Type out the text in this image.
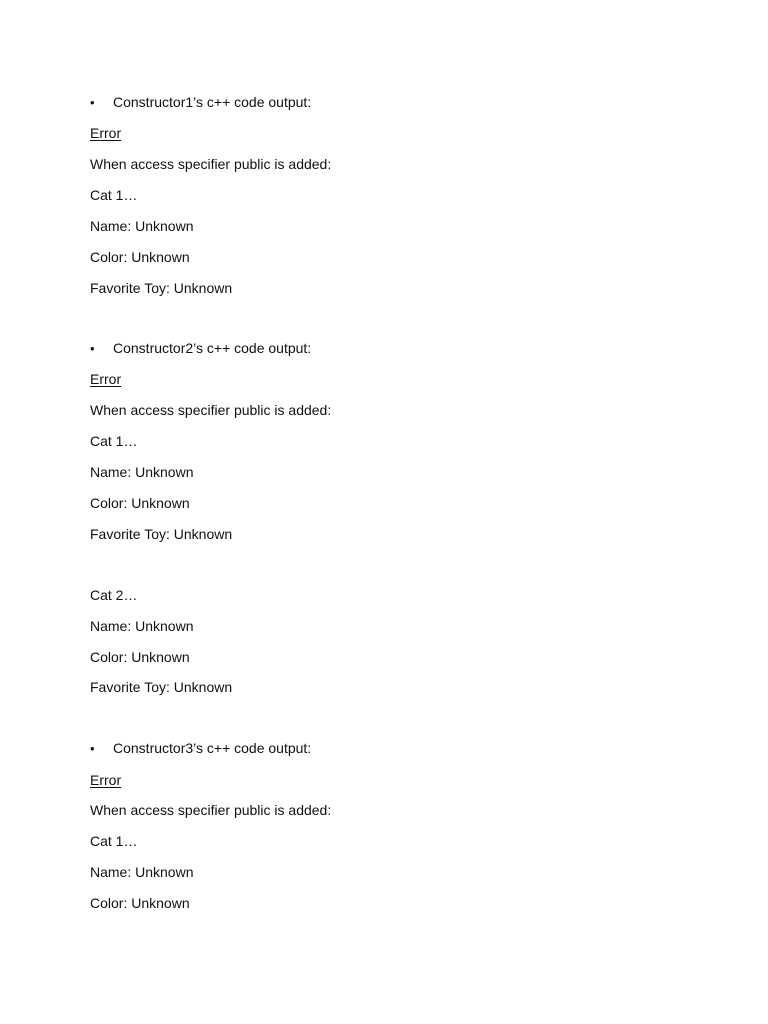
• Constructor1’s c++ code output:
Error
When access specifier public is added:
Cat 1…
Name: Unknown
Color: Unknown
Favorite Toy: Unknown
• Constructor2’s c++ code output:
Error
When access specifier public is added:
Cat 1…
Name: Unknown
Color: Unknown
Favorite Toy: Unknown
Cat 2…
Name: Unknown
Color: Unknown
Favorite Toy: Unknown
• Constructor3’s c++ code output:
Error
When access specifier public is added:
Cat 1…
Name: Unknown
Color: Unknown
